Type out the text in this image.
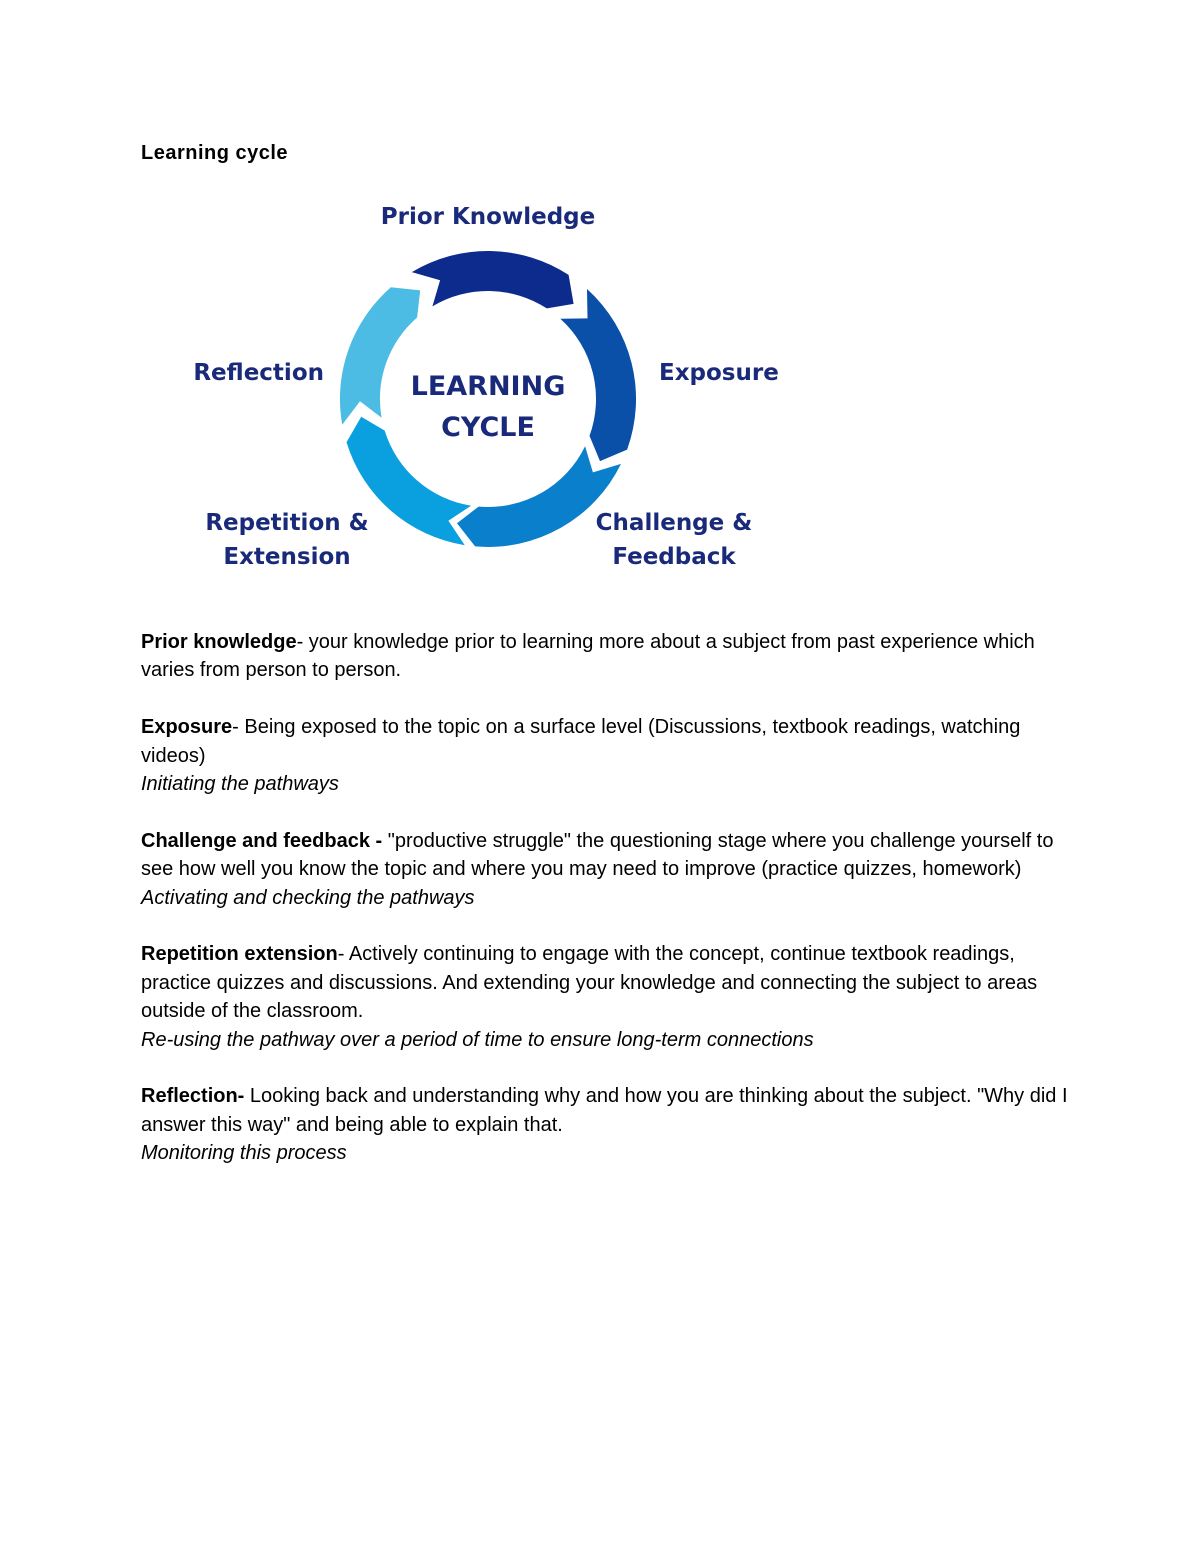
Learning cycle
LEARNING
CYCLE
Prior Knowledge
Exposure
Challenge &
Feedback
Repetition &
Extension
Reflection
Prior knowledge- your knowledge prior to learning more about a subject from past experience which varies from person to person.
Exposure- Being exposed to the topic on a surface level (Discussions, textbook readings, watching videos)
Initiating the pathways
Challenge and feedback - "productive struggle" the questioning stage where you challenge yourself to see how well you know the topic and where you may need to improve (practice quizzes, homework)
Activating and checking the pathways
Repetition extension- Actively continuing to engage with the concept, continue textbook readings, practice quizzes and discussions. And extending your knowledge and connecting the subject to areas outside of the classroom.
Re-using the pathway over a period of time to ensure long-term connections
Reflection- Looking back and understanding why and how you are thinking about the subject. "Why did I answer this way" and being able to explain that.
Monitoring this process
